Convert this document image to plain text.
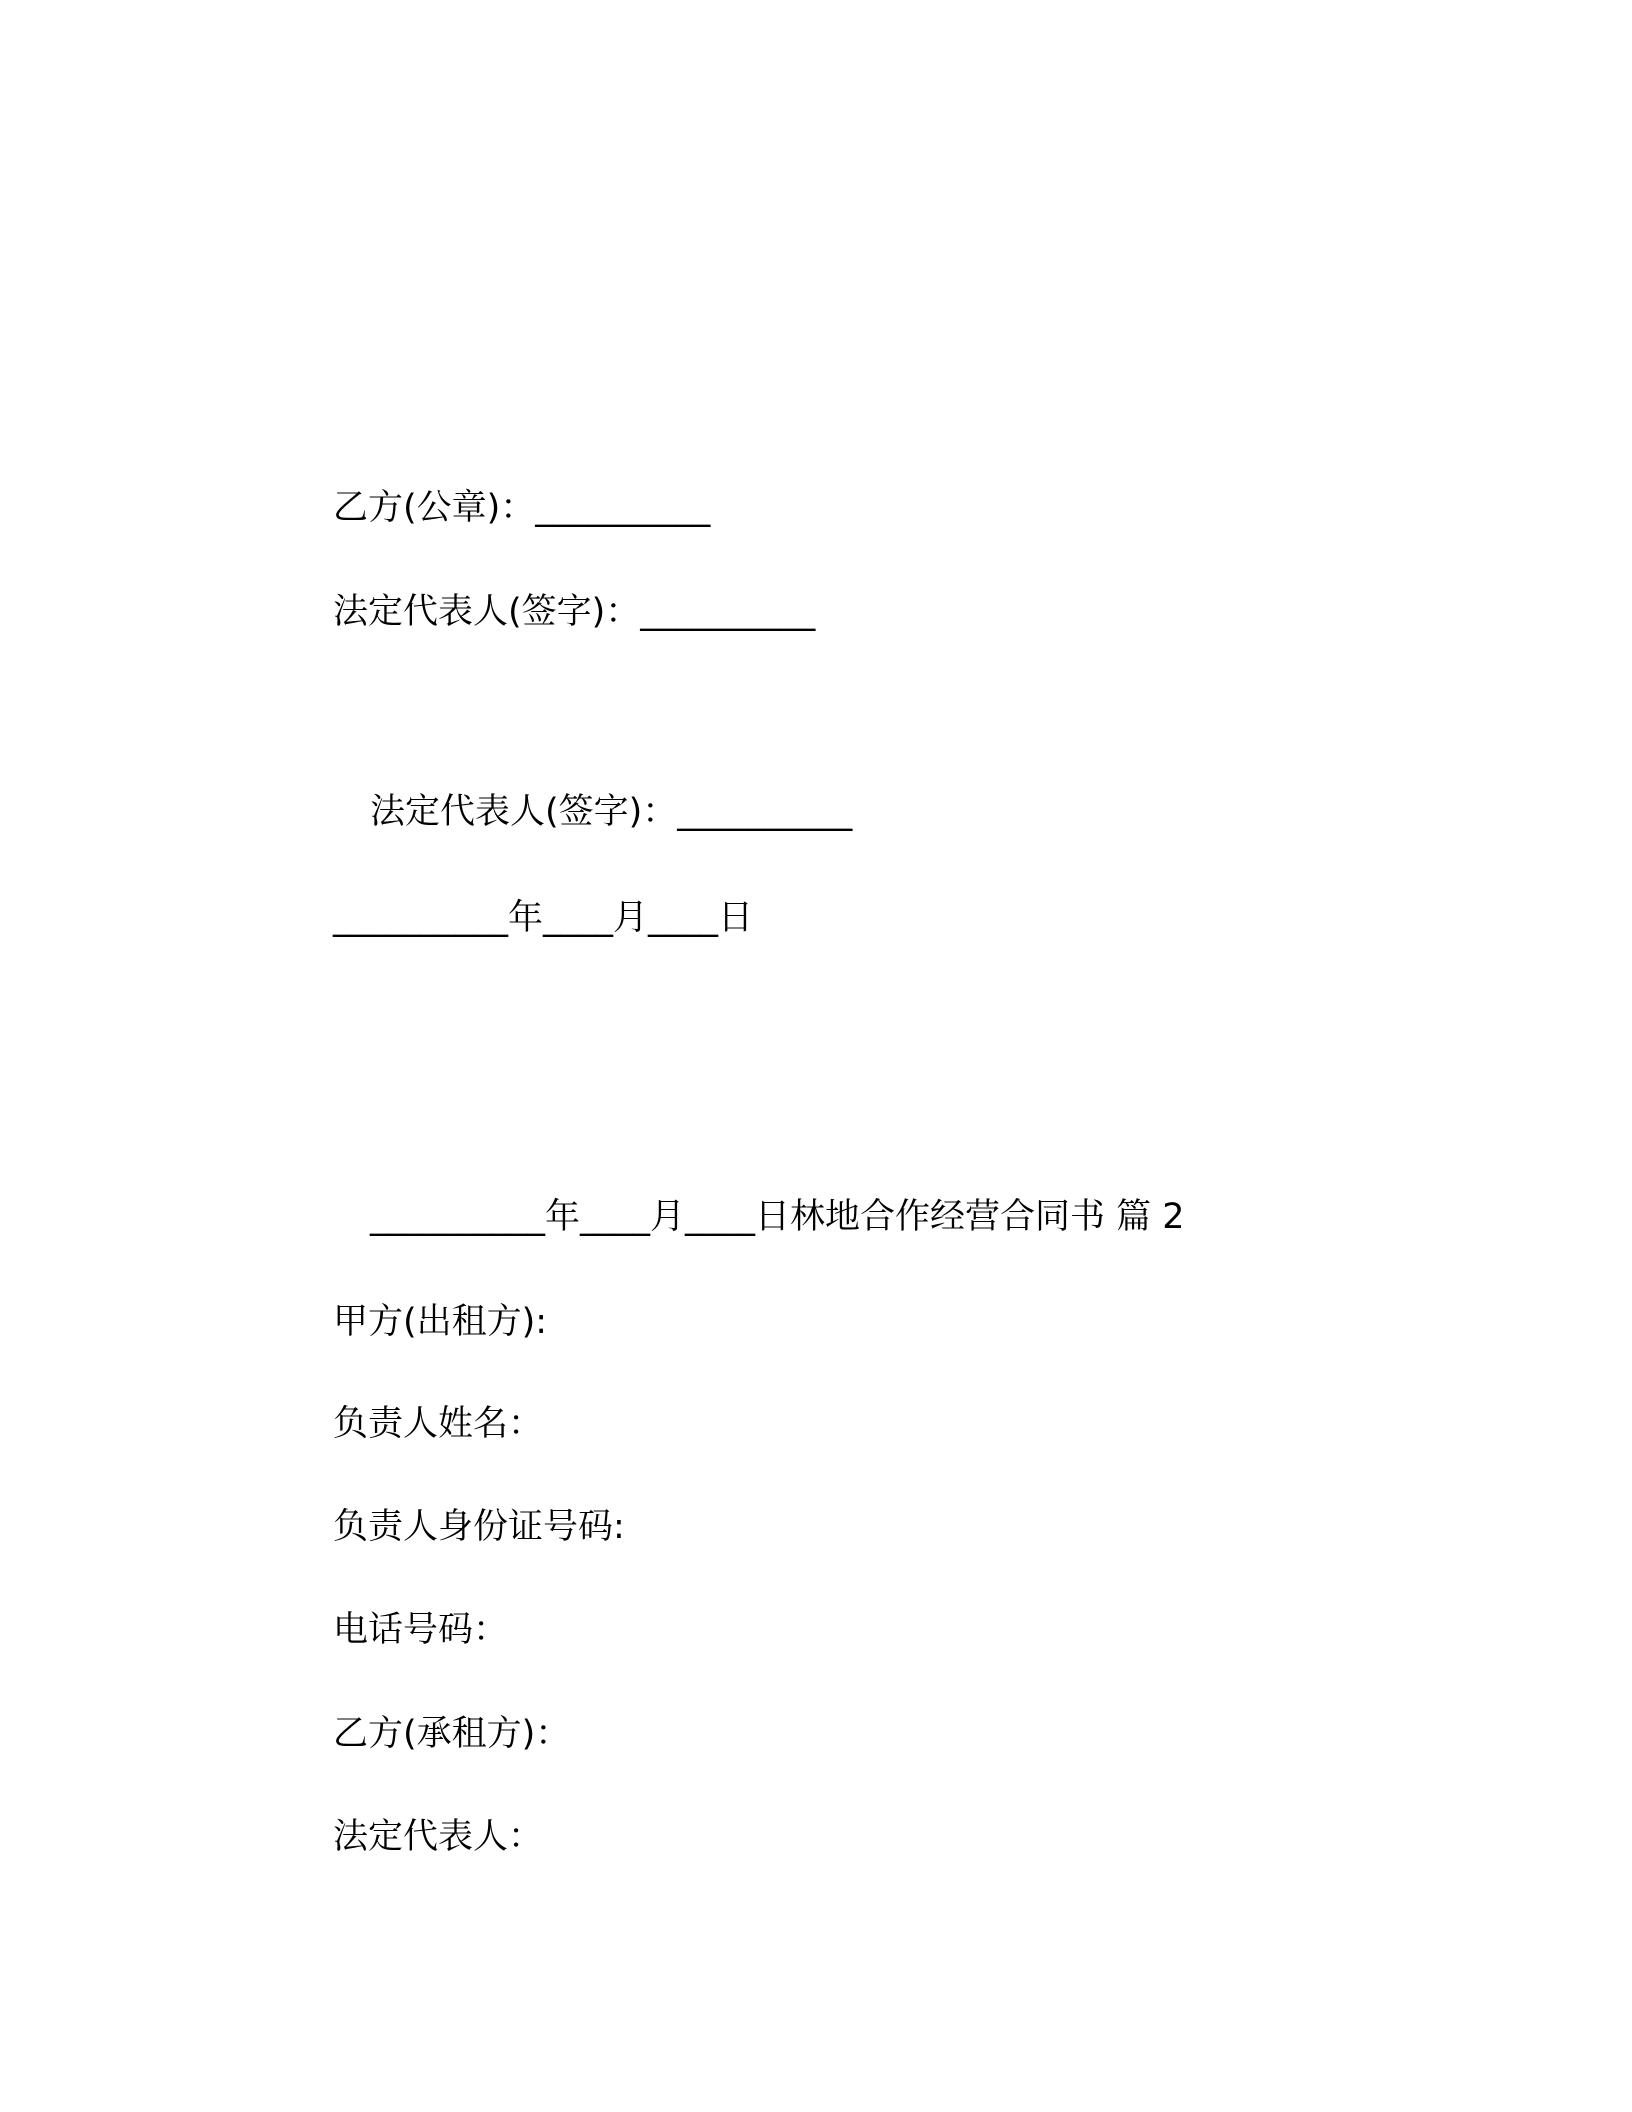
乙方(公章)：__________
法定代表人(签字)：__________
法定代表人(签字)：__________
__________年____月____日
__________年____月____日林地合作经营合同书 篇 2
甲方(出租方):
负责人姓名：
负责人身份证号码:
电话号码：
乙方(承租方)：
法定代表人：
